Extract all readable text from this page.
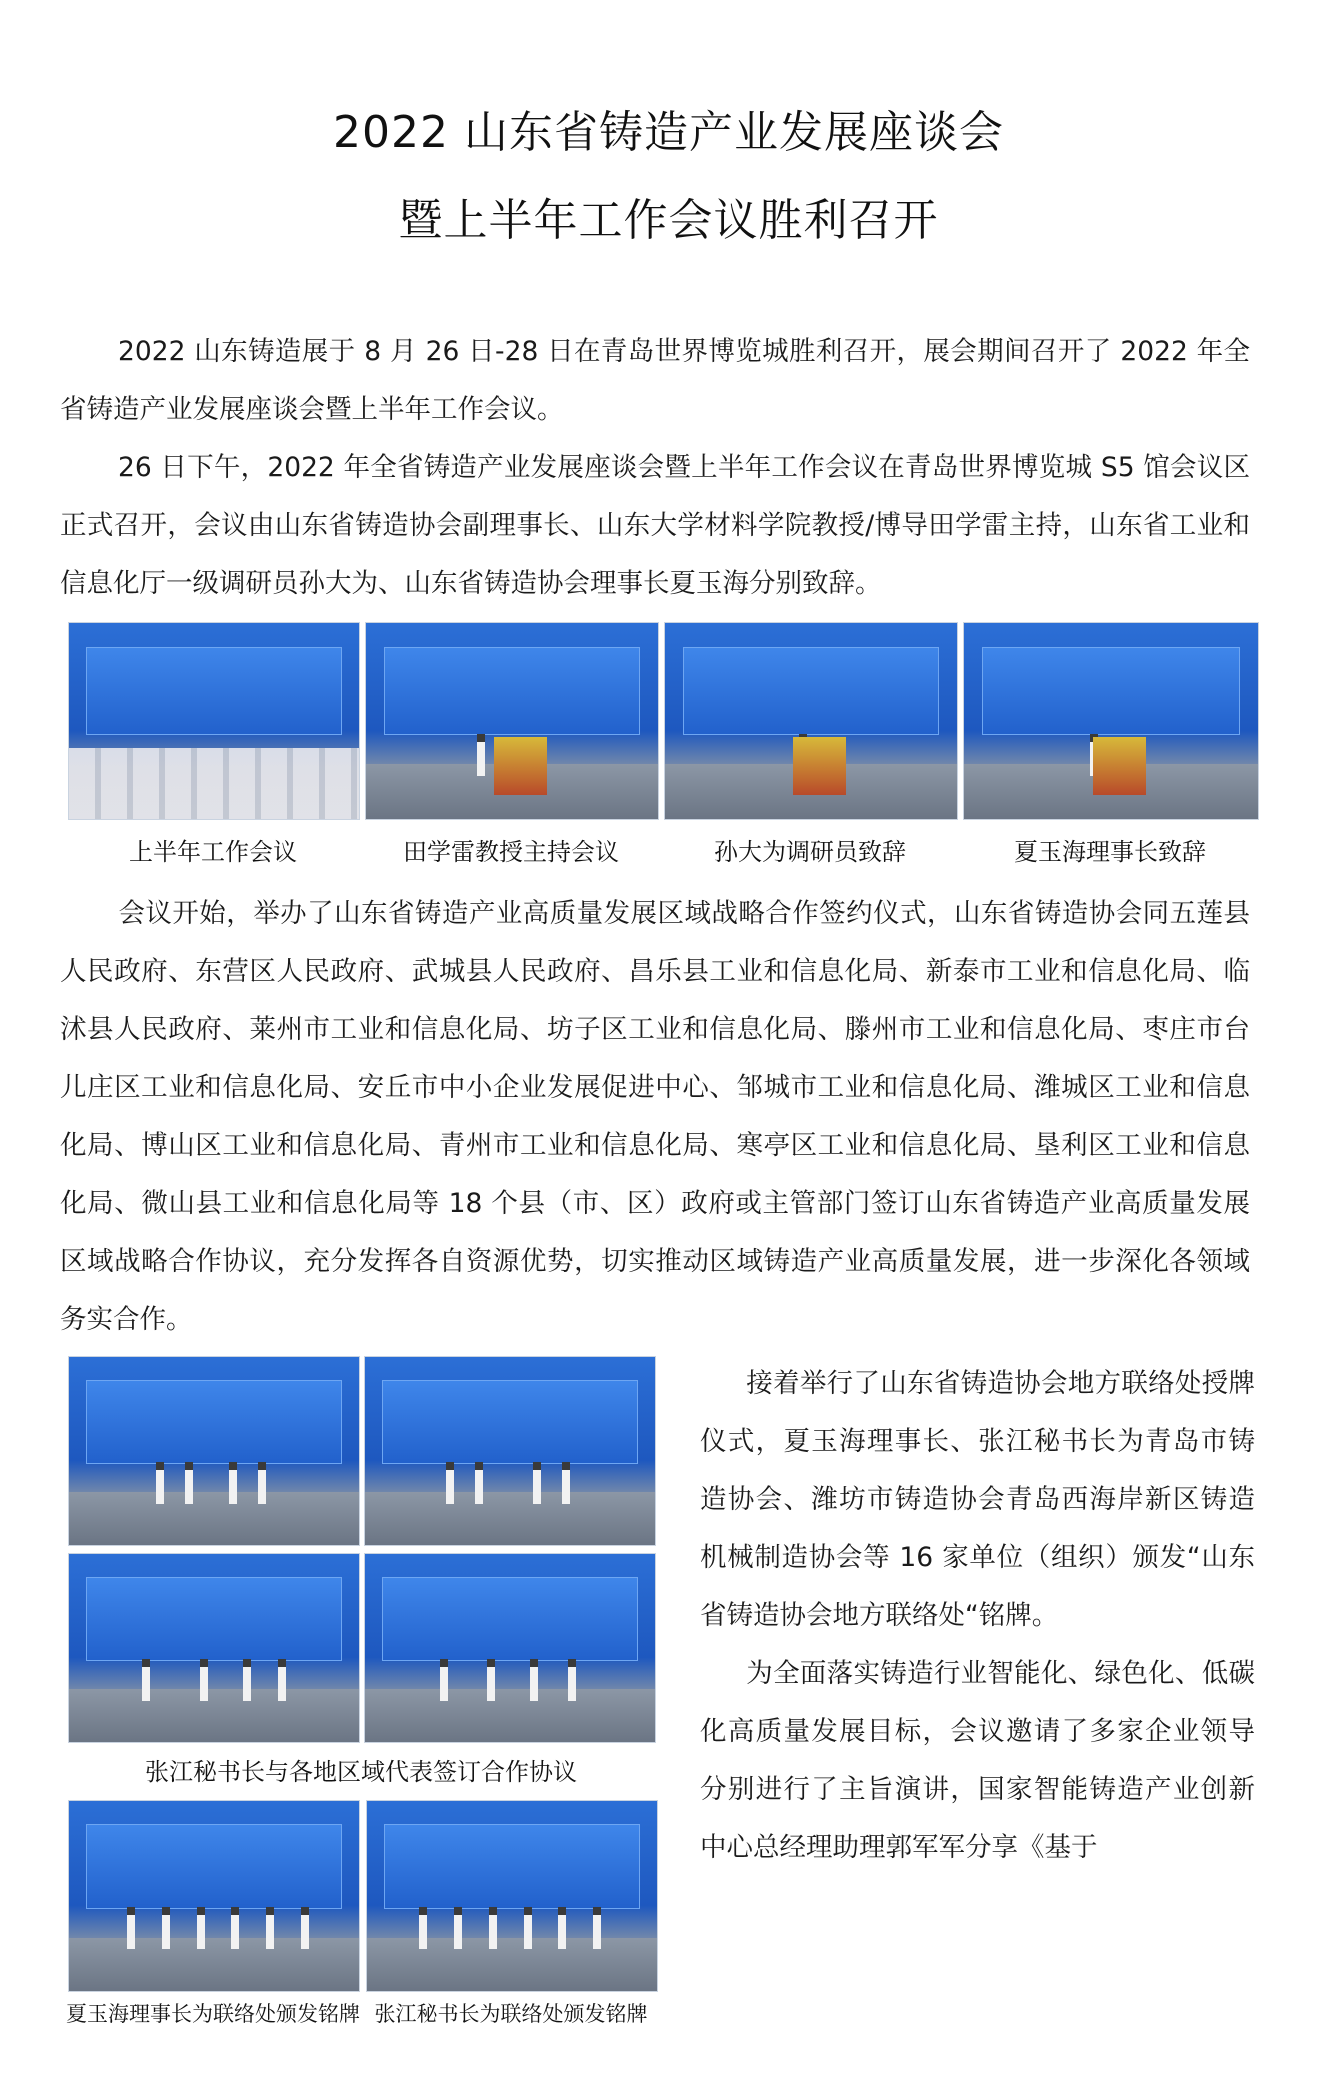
2022 山东省铸造产业发展座谈会
暨上半年工作会议胜利召开

2022 山东铸造展于 8 月 26 日-28 日在青岛世界博览城胜利召开，展会期间召开了 2022 年全省铸造产业发展座谈会暨上半年工作会议。

26 日下午，2022 年全省铸造产业发展座谈会暨上半年工作会议在青岛世界博览城 S5 馆会议区正式召开，会议由山东省铸造协会副理事长、山东大学材料学院教授/博导田学雷主持，山东省工业和信息化厅一级调研员孙大为、山东省铸造协会理事长夏玉海分别致辞。

上半年工作会议	田学雷教授主持会议	孙大为调研员致辞	夏玉海理事长致辞

会议开始，举办了山东省铸造产业高质量发展区域战略合作签约仪式，山东省铸造协会同五莲县人民政府、东营区人民政府、武城县人民政府、昌乐县工业和信息化局、新泰市工业和信息化局、临沭县人民政府、莱州市工业和信息化局、坊子区工业和信息化局、滕州市工业和信息化局、枣庄市台儿庄区工业和信息化局、安丘市中小企业发展促进中心、邹城市工业和信息化局、潍城区工业和信息化局、博山区工业和信息化局、青州市工业和信息化局、寒亭区工业和信息化局、垦利区工业和信息化局、微山县工业和信息化局等 18 个县（市、区）政府或主管部门签订山东省铸造产业高质量发展区域战略合作协议，充分发挥各自资源优势，切实推动区域铸造产业高质量发展，进一步深化各领域务实合作。

张江秘书长与各地区域代表签订合作协议
夏玉海理事长为联络处颁发铭牌 张江秘书长为联络处颁发铭牌

接着举行了山东省铸造协会地方联络处授牌仪式，夏玉海理事长、张江秘书长为青岛市铸造协会、潍坊市铸造协会青岛西海岸新区铸造机械制造协会等 16 家单位（组织）颁发“山东省铸造协会地方联络处“铭牌。

为全面落实铸造行业智能化、绿色化、低碳化高质量发展目标，会议邀请了多家企业领导分别进行了主旨演讲，国家智能铸造产业创新中心总经理助理郭军军分享《基于
